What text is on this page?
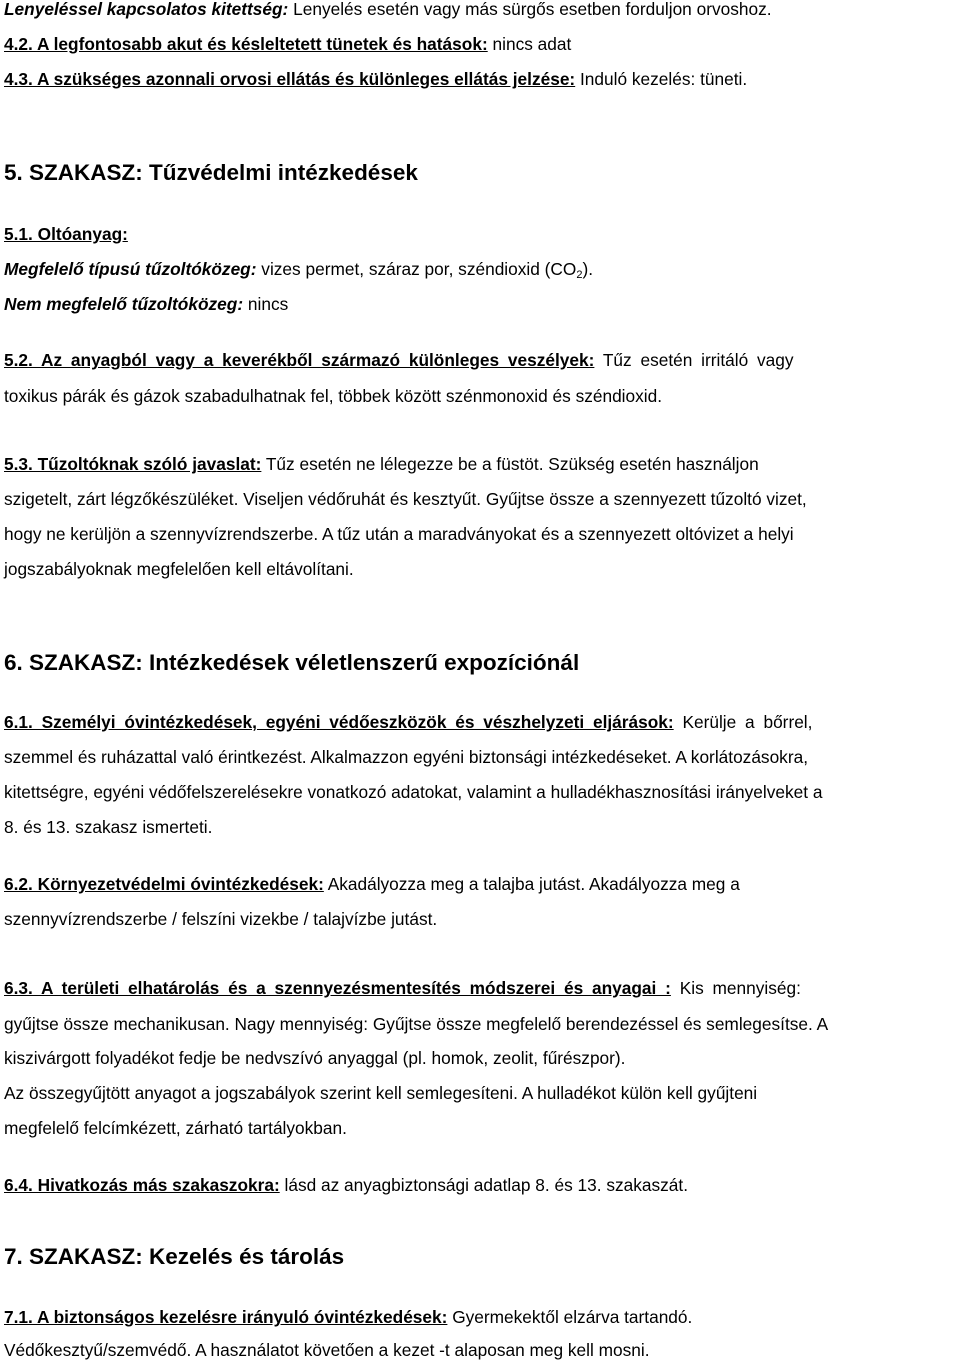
Lenyeléssel kapcsolatos kitettség: Lenyelés esetén vagy más sürgős esetben forduljon orvoshoz.
4.2. A legfontosabb akut és késleltetett tünetek és hatások: nincs adat
4.3. A szükséges azonnali orvosi ellátás és különleges ellátás jelzése: Induló kezelés: tüneti.
5. SZAKASZ: Tűzvédelmi intézkedések
5.1. Oltóanyag:
Megfelelő típusú tűzoltóközeg: vizes permet, száraz por, széndioxid $(CO_2)$.
Nem megfelelő tűzoltóközeg: nincs
5.2. Az anyagból vagy a keverékből származó különleges veszélyek: Tűz esetén irritáló vagy
toxikus párák és gázok szabadulhatnak fel, többek között szénmonoxid és széndioxid.
5.3. Tűzoltóknak szóló javaslat: Tűz esetén ne lélegezze be a füstöt. Szükség esetén használjon
szigetelt, zárt légzőkészüléket. Viseljen védőruhát és kesztyűt. Gyűjtse össze a szennyezett tűzoltó vizet,
hogy ne kerüljön a szennyvízrendszerbe. A tűz után a maradványokat és a szennyezett oltóvizet a helyi
jogszabályoknak megfelelően kell eltávolítani.
6. SZAKASZ: Intézkedések véletlenszerű expozíciónál
6.1. Személyi óvintézkedések, egyéni védőeszközök és vészhelyzeti eljárások: Kerülje a bőrrel,
szemmel és ruházattal való érintkezést. Alkalmazzon egyéni biztonsági intézkedéseket. A korlátozásokra,
kitettségre, egyéni védőfelszerelésekre vonatkozó adatokat, valamint a hulladékhasznosítási irányelveket a
8. és 13. szakasz ismerteti.
6.2. Környezetvédelmi óvintézkedések: Akadályozza meg a talajba jutást. Akadályozza meg a
szennyvízrendszerbe / felszíni vizekbe / talajvízbe jutást.
6.3. A területi elhatárolás és a szennyezésmentesítés módszerei és anyagai : Kis mennyiség:
gyűjtse össze mechanikusan. Nagy mennyiség: Gyűjtse össze megfelelő berendezéssel és semlegesítse. A
kiszivárgott folyadékot fedje be nedvszívó anyaggal (pl. homok, zeolit, fűrészpor).
Az összegyűjtött anyagot a jogszabályok szerint kell semlegesíteni. A hulladékot külön kell gyűjteni
megfelelő felcímkézett, zárható tartályokban.
6.4. Hivatkozás más szakaszokra: lásd az anyagbiztonsági adatlap 8. és 13. szakaszát.
7. SZAKASZ: Kezelés és tárolás
7.1. A biztonságos kezelésre irányuló óvintézkedések: Gyermekektől elzárva tartandó.
Védőkesztyű/szemvédő. A használatot követően a kezet -t alaposan meg kell mosni.
